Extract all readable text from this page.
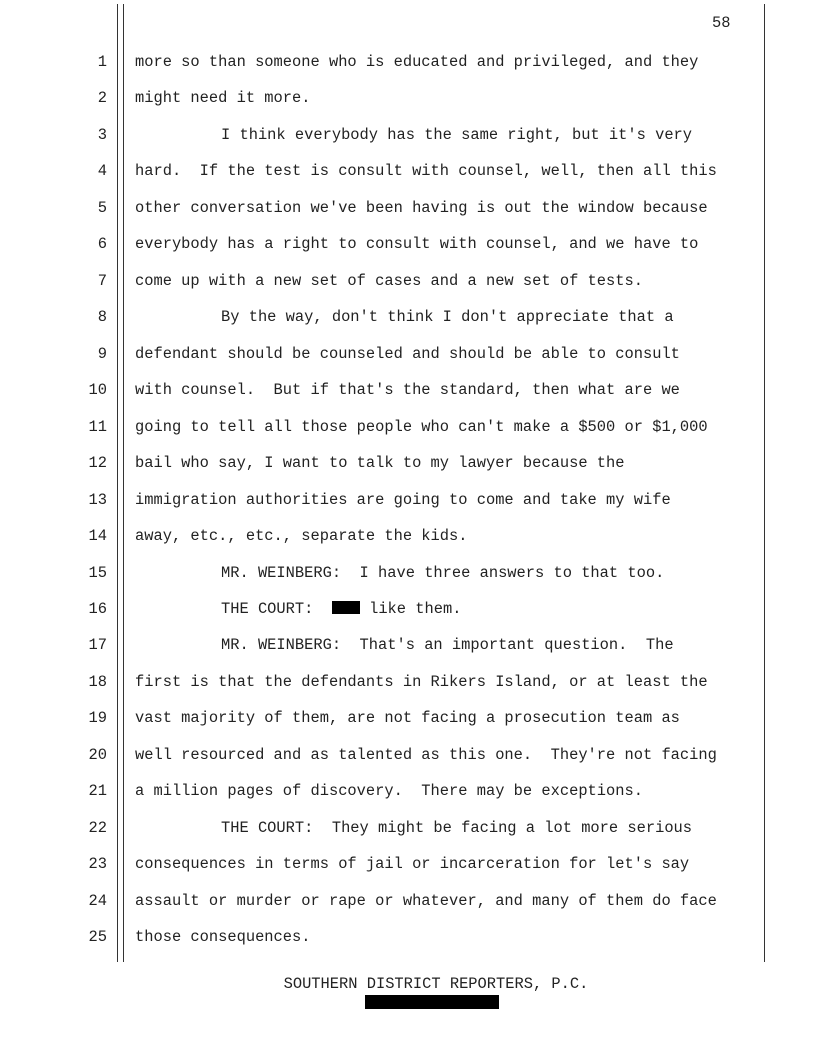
58
1 more so than someone who is educated and privileged, and they
2 might need it more.
3	I think everybody has the same right, but it's very
4 hard.  If the test is consult with counsel, well, then all this
5 other conversation we've been having is out the window because
6 everybody has a right to consult with counsel, and we have to
7 come up with a new set of cases and a new set of tests.
8	By the way, don't think I don't appreciate that a
9 defendant should be counseled and should be able to consult
10 with counsel.  But if that's the standard, then what are we
11 going to tell all those people who can't make a $500 or $1,000
12 bail who say, I want to talk to my lawyer because the
13 immigration authorities are going to come and take my wife
14 away, etc., etc., separate the kids.
15	MR. WEINBERG:  I have three answers to that too.
16	THE COURT:   like them.
17	MR. WEINBERG:  That's an important question.  The
18 first is that the defendants in Rikers Island, or at least the
19 vast majority of them, are not facing a prosecution team as
20 well resourced and as talented as this one.  They're not facing
21 a million pages of discovery.  There may be exceptions.
22	THE COURT:  They might be facing a lot more serious
23 consequences in terms of jail or incarceration for let's say
24 assault or murder or rape or whatever, and many of them do face
25 those consequences.
SOUTHERN DISTRICT REPORTERS, P.C.
